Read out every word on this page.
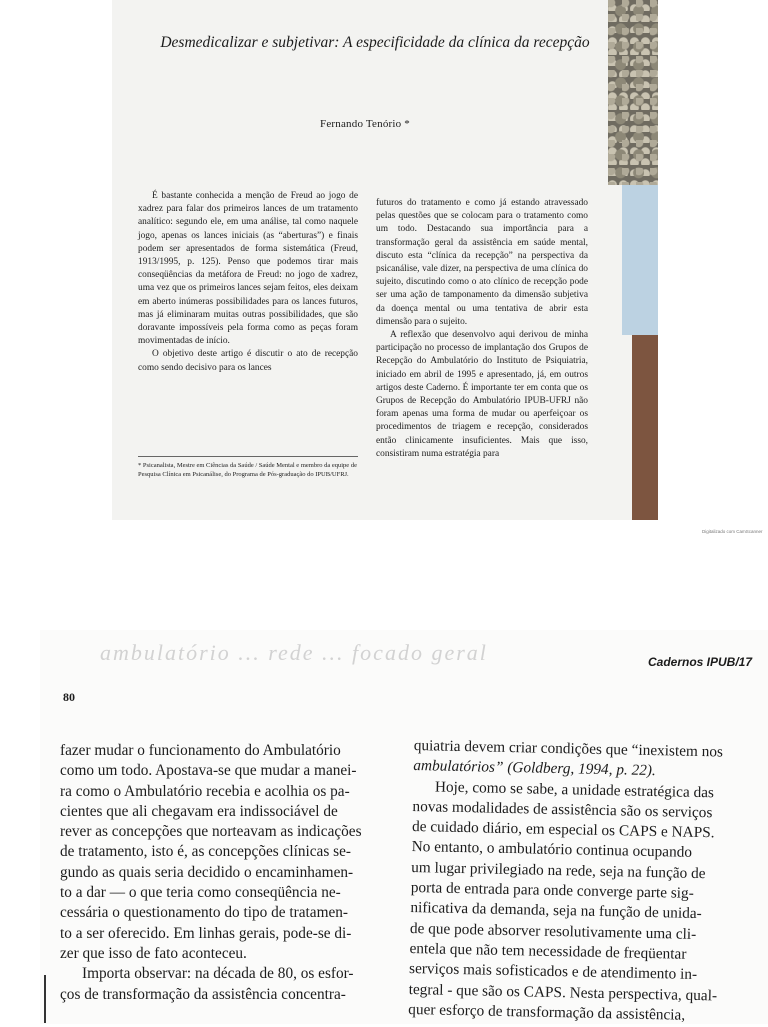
Desmedicalizar e subjetivar: A especificidade da clínica da recepção
Fernando Tenório *

É bastante conhecida a menção de Freud ao jogo de xadrez para falar dos primeiros lances de um tratamento analítico: segundo ele, em uma análise, tal como naquele jogo, apenas os lances iniciais (as “aberturas”) e finais podem ser apresentados de forma sistemática (Freud, 1913/1995, p. 125). Penso que podemos tirar mais conseqüências da metáfora de Freud: no jogo de xadrez, uma vez que os primeiros lances sejam feitos, eles deixam em aberto inúmeras possibilidades para os lances futuros, mas já eliminaram muitas outras possibilidades, que são doravante impossíveis pela forma como as peças foram movimentadas de início.

O objetivo deste artigo é discutir o ato de recepção como sendo decisivo para os lances

futuros do tratamento e como já estando atravessado pelas questões que se colocam para o tratamento como um todo. Destacando sua importância para a transformação geral da assistência em saúde mental, discuto esta “clínica da recepção” na perspectiva da psicanálise, vale dizer, na perspectiva de uma clínica do sujeito, discutindo como o ato clínico de recepção pode ser uma ação de tamponamento da dimensão subjetiva da doença mental ou uma tentativa de abrir esta dimensão para o sujeito.

A reflexão que desenvolvo aqui derivou de minha participação no processo de implantação dos Grupos de Recepção do Ambulatório do Instituto de Psiquiatria, iniciado em abril de 1995 e apresentado, já, em outros artigos deste Caderno. É importante ter em conta que os Grupos de Recepção do Ambulatório IPUB-UFRJ não foram apenas uma forma de mudar ou aperfeiçoar os procedimentos de triagem e recepção, considerados então clinicamente insuficientes. Mais que isso, consistiram numa estratégia para

* Psicanalista, Mestre em Ciências da Saúde / Saúde Mental e membro da equipe de Pesquisa Clínica em Psicanálise, do Programa de Pós-graduação do IPUB/UFRJ.
Digitalizado com CamScanner
ambulatório ... rede ... focado geral	Cadernos IPUB/17
80
fazer mudar o funcionamento do Ambulatório
como um todo. Apostava-se que mudar a manei-
ra como o Ambulatório recebia e acolhia os pa-
cientes que ali chegavam era indissociável de
rever as concepções que norteavam as indicações
de tratamento, isto é, as concepções clínicas se-
gundo as quais seria decidido o encaminhamen-
to a dar — o que teria como conseqüência ne-
cessária o questionamento do tipo de tratamen-
to a ser oferecido. Em linhas gerais, pode-se di-
zer que isso de fato aconteceu.
Importa observar: na década de 80, os esfor-
ços de transformação da assistência concentra-
quiatria devem criar condições que “inexistem nos
ambulatórios” (Goldberg, 1994, p. 22).
Hoje, como se sabe, a unidade estratégica das
novas modalidades de assistência são os serviços
de cuidado diário, em especial os CAPS e NAPS.
No entanto, o ambulatório continua ocupando
um lugar privilegiado na rede, seja na função de
porta de entrada para onde converge parte sig-
nificativa da demanda, seja na função de unida-
de que pode absorver resolutivamente uma cli-
entela que não tem necessidade de freqüentar
serviços mais sofisticados e de atendimento in-
tegral - que são os CAPS. Nesta perspectiva, qual-
quer esforço de transformação da assistência,
